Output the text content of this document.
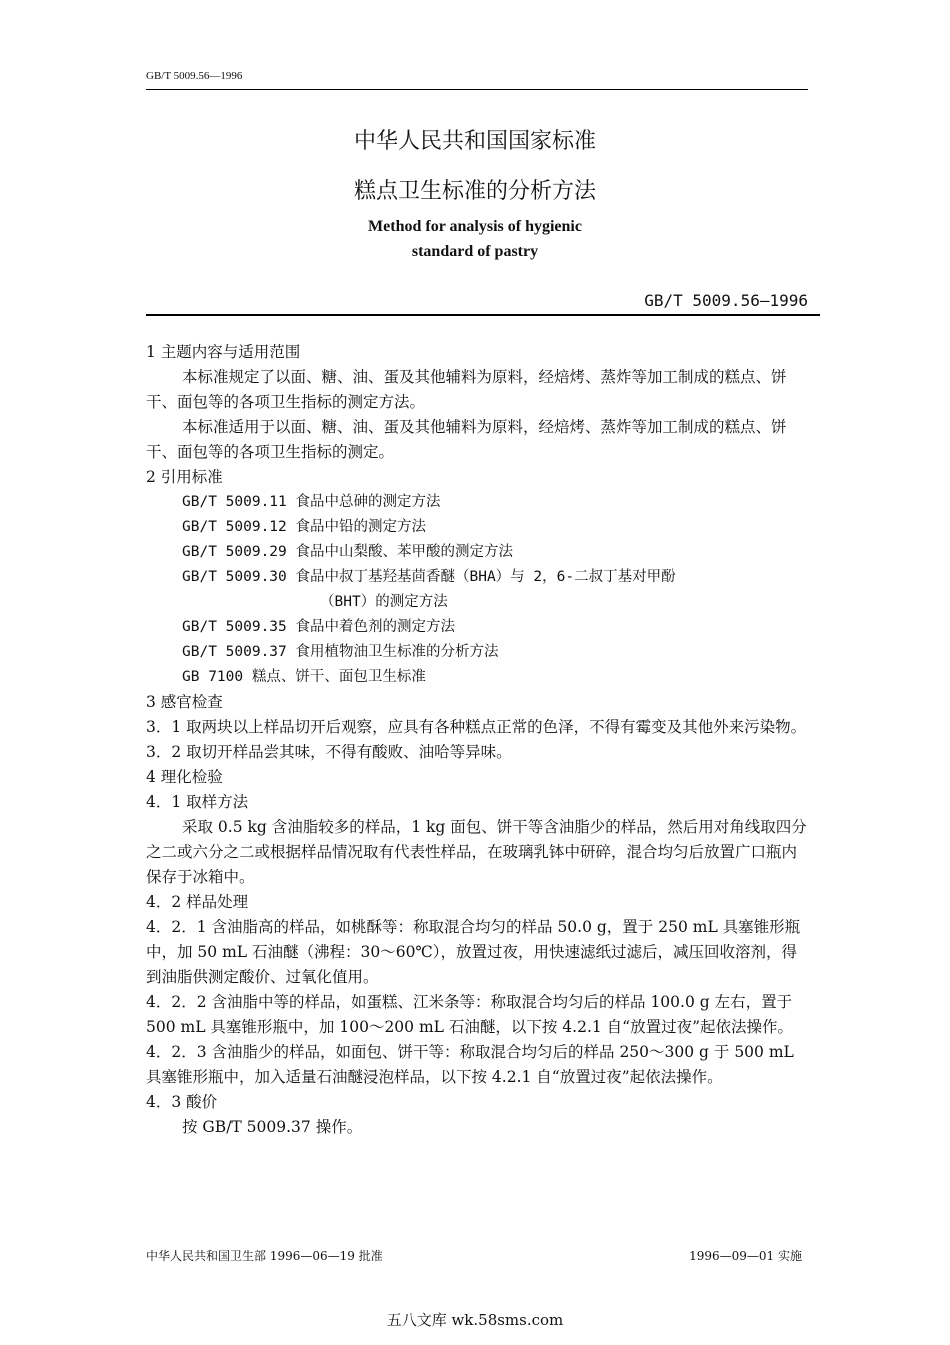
GB/T 5009.56—1996
中华人民共和国国家标准
糕点卫生标准的分析方法
Method for analysis of hygienic
standard of pastry
GB/T 5009.56—1996

1 主题内容与适用范围

本标准规定了以面、糖、油、蛋及其他辅料为原料，经焙烤、蒸炸等加工制成的糕点、饼干、面包等的各项卫生指标的测定方法。

本标准适用于以面、糖、油、蛋及其他辅料为原料，经焙烤、蒸炸等加工制成的糕点、饼干、面包等的各项卫生指标的测定。

2 引用标准

GB/T 5009.11 食品中总砷的测定方法

GB/T 5009.12 食品中铅的测定方法

GB/T 5009.29 食品中山梨酸、苯甲酸的测定方法

GB/T 5009.30 食品中叔丁基羟基茴香醚（BHA）与 2，6-二叔丁基对甲酚

（BHT）的测定方法

GB/T 5009.35 食品中着色剂的测定方法

GB/T 5009.37 食用植物油卫生标准的分析方法

GB 7100 糕点、饼干、面包卫生标准

3 感官检查

3．1 取两块以上样品切开后观察，应具有各种糕点正常的色泽，不得有霉变及其他外来污染物。

3．2 取切开样品尝其味，不得有酸败、油哈等异味。

4 理化检验

4．1 取样方法

采取 0.5 kg 含油脂较多的样品，1 kg 面包、饼干等含油脂少的样品，然后用对角线取四分之二或六分之二或根据样品情况取有代表性样品，在玻璃乳钵中研碎，混合均匀后放置广口瓶内保存于冰箱中。

4．2 样品处理

4．2．1 含油脂高的样品，如桃酥等：称取混合均匀的样品 50.0 g，置于 250 mL 具塞锥形瓶中，加 50 mL 石油醚（沸程：30～60℃），放置过夜，用快速滤纸过滤后，减压回收溶剂，得到油脂供测定酸价、过氧化值用。

4．2．2 含油脂中等的样品，如蛋糕、江米条等：称取混合均匀后的样品 100.0 g 左右，置于 500 mL 具塞锥形瓶中，加 100～200 mL 石油醚，以下按 4.2.1 自“放置过夜”起依法操作。

4．2．3 含油脂少的样品，如面包、饼干等：称取混合均匀后的样品 250～300 g 于 500 mL 具塞锥形瓶中，加入适量石油醚浸泡样品，以下按 4.2.1 自“放置过夜”起依法操作。

4．3 酸价

按 GB/T 5009.37 操作。

中华人民共和国卫生部 1996—06—19 批准	1996—09—01 实施
五八文库 wk.58sms.com
